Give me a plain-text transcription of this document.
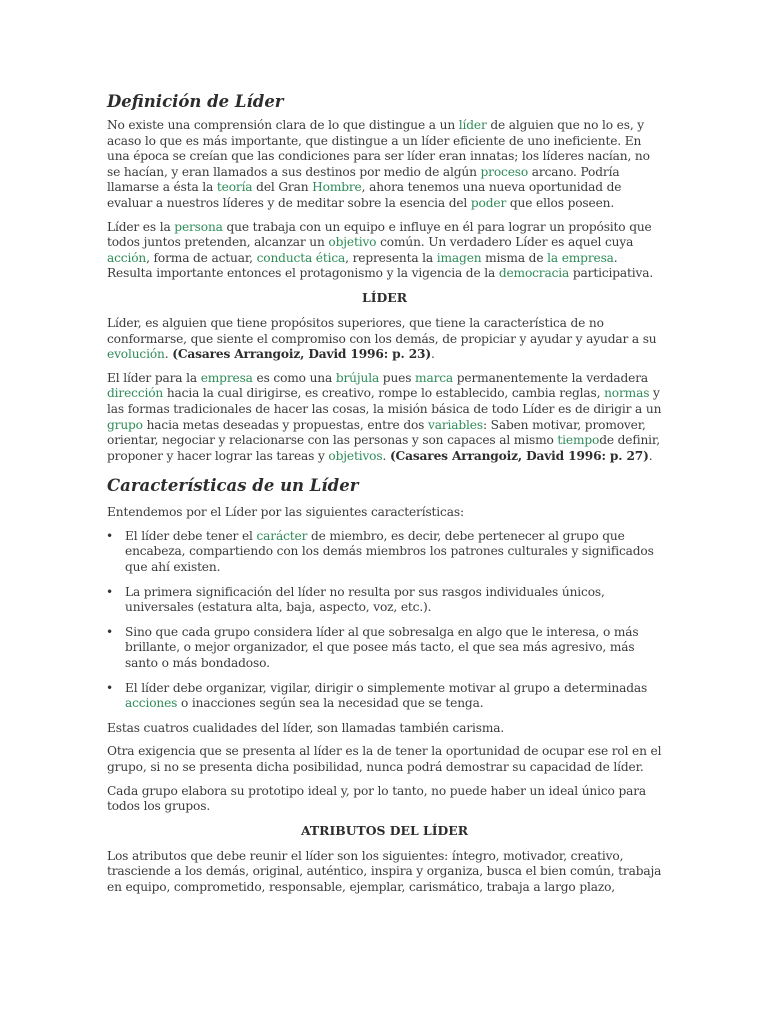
Definición de Líder

No existe una comprensión clara de lo que distingue a un líder de alguien que no lo es, y acaso lo que es más importante, que distingue a un líder eficiente de uno ineficiente. En una época se creían que las condiciones para ser líder eran innatas; los líderes nacían, no se hacían, y eran llamados a sus destinos por medio de algún proceso arcano. Podría llamarse a ésta la teoría del Gran Hombre, ahora tenemos una nueva oportunidad de evaluar a nuestros líderes y de meditar sobre la esencia del poder que ellos poseen.

Líder es la persona que trabaja con un equipo e influye en él para lograr un propósito que todos juntos pretenden, alcanzar un objetivo común. Un verdadero Líder es aquel cuya acción, forma de actuar, conducta ética, representa la imagen misma de la empresa. Resulta importante entonces el protagonismo y la vigencia de la democracia participativa.

LÍDER

Líder, es alguien que tiene propósitos superiores, que tiene la característica de no conformarse, que siente el compromiso con los demás, de propiciar y ayudar y ayudar a su evolución. (Casares Arrangoiz, David 1996: p. 23).

El líder para la empresa es como una brújula pues marca permanentemente la verdadera dirección hacia la cual dirigirse, es creativo, rompe lo establecido, cambia reglas, normas y las formas tradicionales de hacer las cosas, la misión básica de todo Líder es de dirigir a un grupo hacia metas deseadas y propuestas, entre dos variables: Saben motivar, promover, orientar, negociar y relacionarse con las personas y son capaces al mismo tiempode definir, proponer y hacer lograr las tareas y objetivos. (Casares Arrangoiz, David 1996: p. 27).

Características de un Líder

Entendemos por el Líder por las siguientes características:

• El líder debe tener el carácter de miembro, es decir, debe pertenecer al grupo que encabeza, compartiendo con los demás miembros los patrones culturales y significados que ahí existen.
• La primera significación del líder no resulta por sus rasgos individuales únicos, universales (estatura alta, baja, aspecto, voz, etc.).
• Sino que cada grupo considera líder al que sobresalga en algo que le interesa, o más brillante, o mejor organizador, el que posee más tacto, el que sea más agresivo, más santo o más bondadoso.
• El líder debe organizar, vigilar, dirigir o simplemente motivar al grupo a determinadas acciones o inacciones según sea la necesidad que se tenga.

Estas cuatros cualidades del líder, son llamadas también carisma.

Otra exigencia que se presenta al líder es la de tener la oportunidad de ocupar ese rol en el grupo, si no se presenta dicha posibilidad, nunca podrá demostrar su capacidad de líder.

Cada grupo elabora su prototipo ideal y, por lo tanto, no puede haber un ideal único para todos los grupos.

ATRIBUTOS DEL LÍDER

Los atributos que debe reunir el líder son los siguientes: íntegro, motivador, creativo, trasciende a los demás, original, auténtico, inspira y organiza, busca el bien común, trabaja en equipo, comprometido, responsable, ejemplar, carismático, trabaja a largo plazo,
